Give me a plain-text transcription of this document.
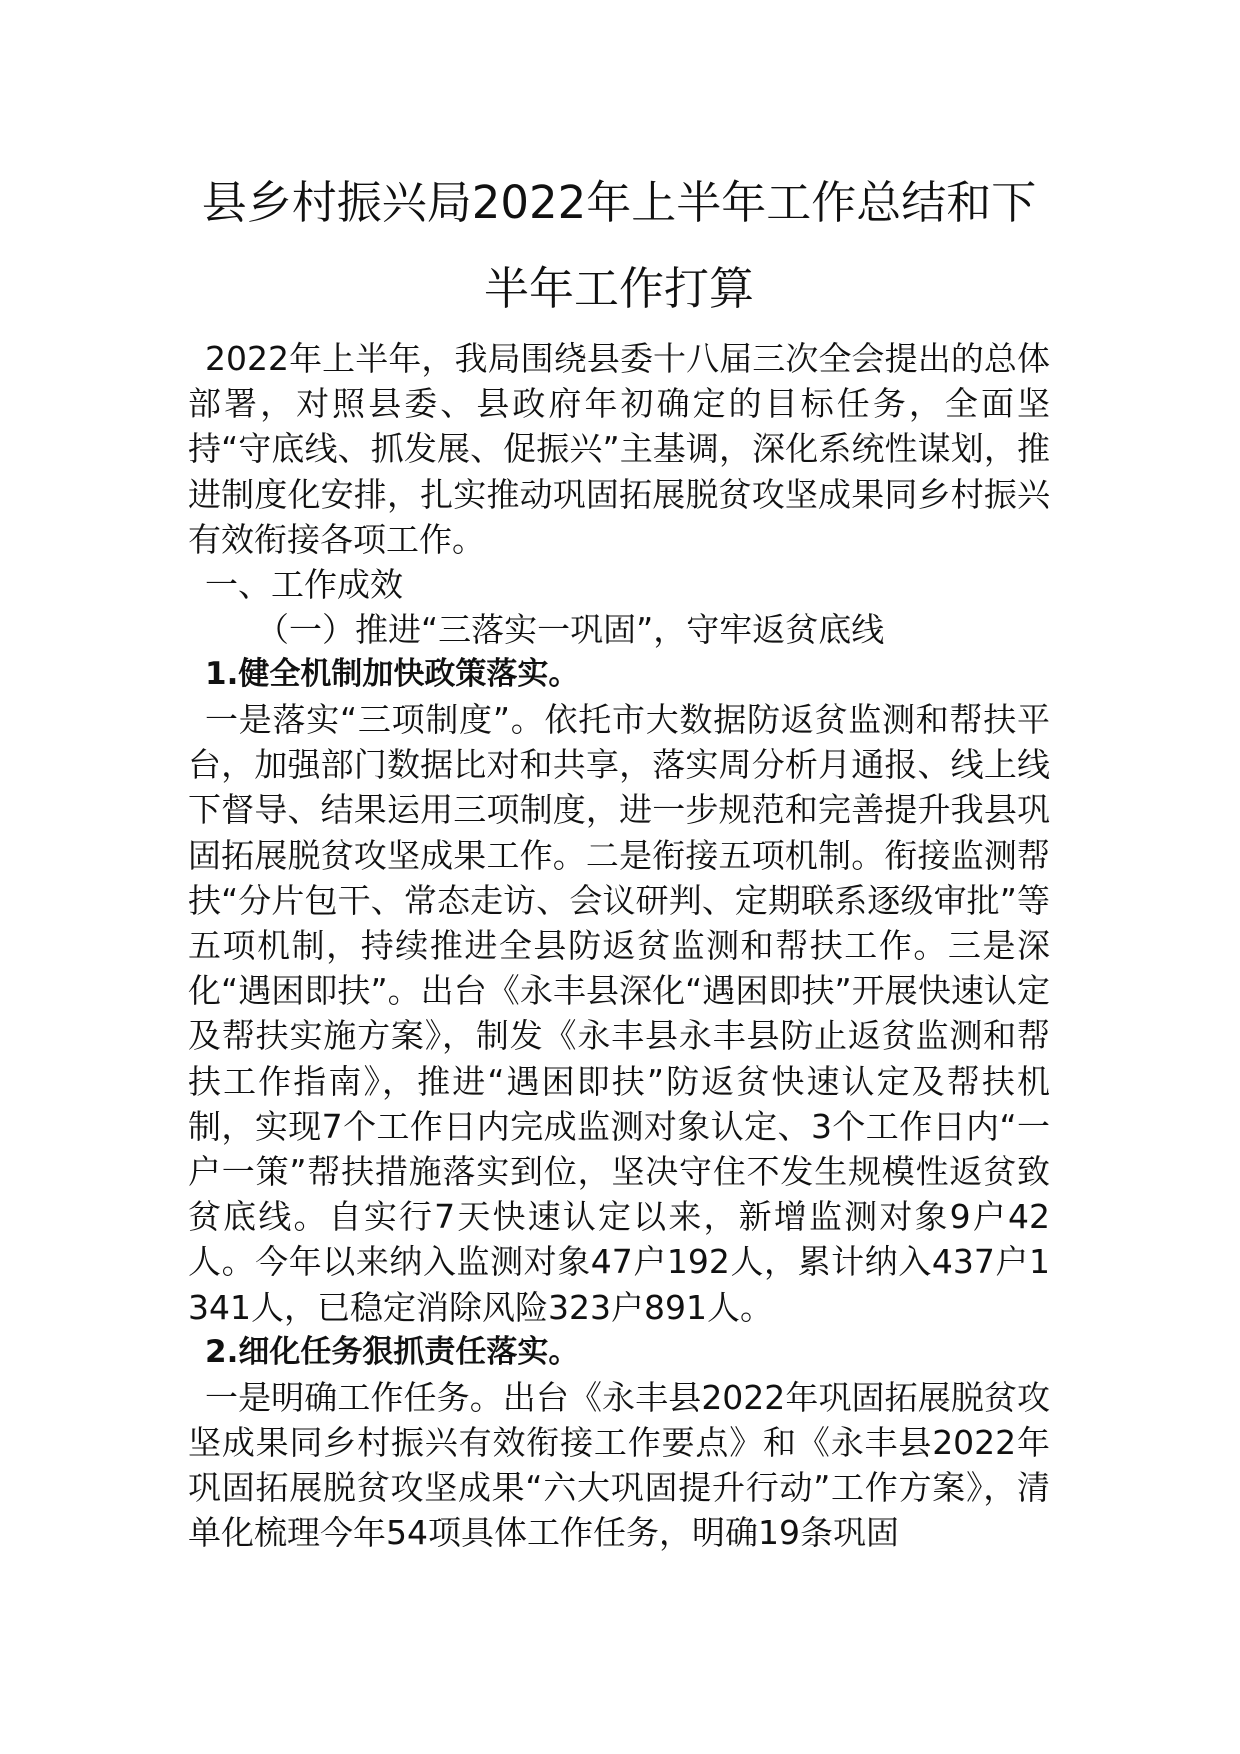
县乡村振兴局2022年上半年工作总结和下
半年工作打算

2022年上半年，我局围绕县委十八届三次全会提出的总体部署，对照县委、县政府年初确定的目标任务，全面坚持“守底线、抓发展、促振兴”主基调，深化系统性谋划，推进制度化安排，扎实推动巩固拓展脱贫攻坚成果同乡村振兴有效衔接各项工作。

一、工作成效

（一）推进“三落实一巩固”，守牢返贫底线

1.健全机制加快政策落实。

一是落实“三项制度”。依托市大数据防返贫监测和帮扶平台，加强部门数据比对和共享，落实周分析月通报、线上线下督导、结果运用三项制度，进一步规范和完善提升我县巩固拓展脱贫攻坚成果工作。二是衔接五项机制。衔接监测帮扶“分片包干、常态走访、会议研判、定期联系逐级审批”等五项机制，持续推进全县防返贫监测和帮扶工作。三是深化“遇困即扶”。出台《永丰县深化“遇困即扶”开展快速认定及帮扶实施方案》，制发《永丰县永丰县防止返贫监测和帮扶工作指南》，推进“遇困即扶”防返贫快速认定及帮扶机制，实现7个工作日内完成监测对象认定、3个工作日内“一户一策”帮扶措施落实到位，坚决守住不发生规模性返贫致贫底线。自实行7天快速认定以来，新增监测对象9户42人。今年以来纳入监测对象47户192人，累计纳入437户1341人，已稳定消除风险323户891人。

2.细化任务狠抓责任落实。

一是明确工作任务。出台《永丰县2022年巩固拓展脱贫攻坚成果同乡村振兴有效衔接工作要点》和《永丰县2022年巩固拓展脱贫攻坚成果“六大巩固提升行动”工作方案》，清单化梳理今年54项具体工作任务，明确19条巩固
